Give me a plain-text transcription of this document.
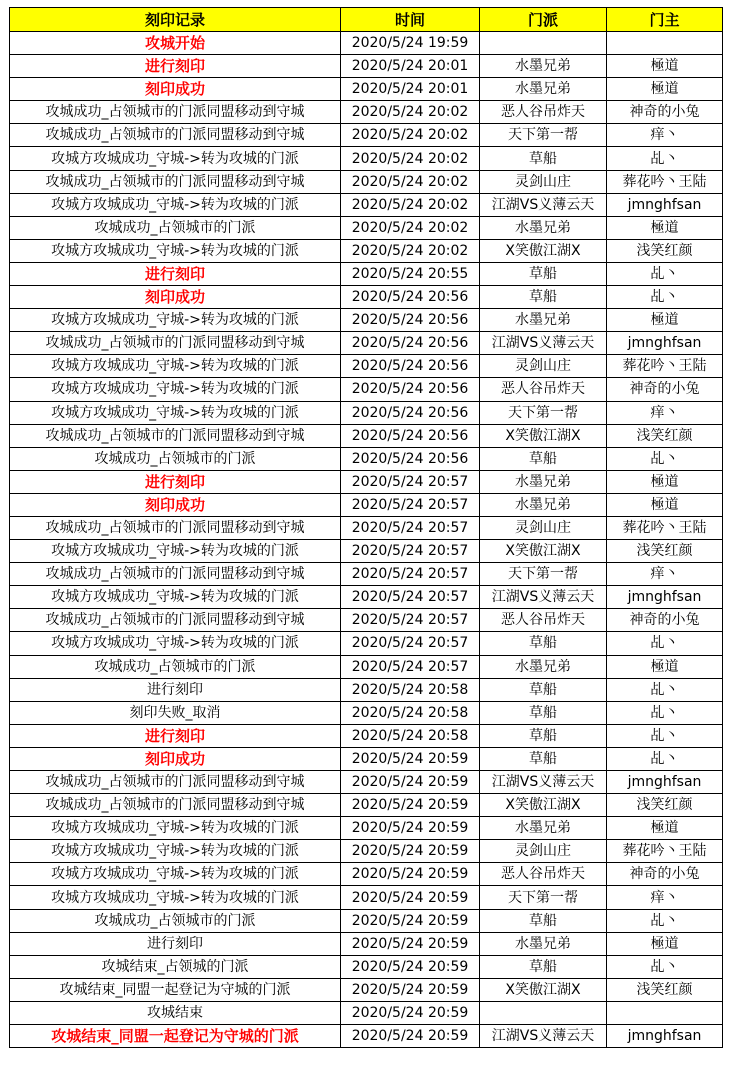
刻印记录	时间	门派	门主
攻城开始	2020/5/24 19:59		
进行刻印	2020/5/24 20:01	水墨兄弟	極道
刻印成功	2020/5/24 20:01	水墨兄弟	極道
攻城成功_占领城市的门派同盟移动到守城	2020/5/24 20:02	恶人谷吊炸天	神奇的小兔
攻城成功_占领城市的门派同盟移动到守城	2020/5/24 20:02	天下第一帮	痒丶
攻城方攻城成功_守城->转为攻城的门派	2020/5/24 20:02	草船	乩丶
攻城成功_占领城市的门派同盟移动到守城	2020/5/24 20:02	灵剑山庄	葬花吟丶王陆
攻城方攻城成功_守城->转为攻城的门派	2020/5/24 20:02	江湖VS义薄云天	jmnghfsan
攻城成功_占领城市的门派	2020/5/24 20:02	水墨兄弟	極道
攻城方攻城成功_守城->转为攻城的门派	2020/5/24 20:02	X笑傲江湖X	浅笑红颜
进行刻印	2020/5/24 20:55	草船	乩丶
刻印成功	2020/5/24 20:56	草船	乩丶
攻城方攻城成功_守城->转为攻城的门派	2020/5/24 20:56	水墨兄弟	極道
攻城成功_占领城市的门派同盟移动到守城	2020/5/24 20:56	江湖VS义薄云天	jmnghfsan
攻城方攻城成功_守城->转为攻城的门派	2020/5/24 20:56	灵剑山庄	葬花吟丶王陆
攻城方攻城成功_守城->转为攻城的门派	2020/5/24 20:56	恶人谷吊炸天	神奇的小兔
攻城方攻城成功_守城->转为攻城的门派	2020/5/24 20:56	天下第一帮	痒丶
攻城成功_占领城市的门派同盟移动到守城	2020/5/24 20:56	X笑傲江湖X	浅笑红颜
攻城成功_占领城市的门派	2020/5/24 20:56	草船	乩丶
进行刻印	2020/5/24 20:57	水墨兄弟	極道
刻印成功	2020/5/24 20:57	水墨兄弟	極道
攻城成功_占领城市的门派同盟移动到守城	2020/5/24 20:57	灵剑山庄	葬花吟丶王陆
攻城方攻城成功_守城->转为攻城的门派	2020/5/24 20:57	X笑傲江湖X	浅笑红颜
攻城成功_占领城市的门派同盟移动到守城	2020/5/24 20:57	天下第一帮	痒丶
攻城方攻城成功_守城->转为攻城的门派	2020/5/24 20:57	江湖VS义薄云天	jmnghfsan
攻城成功_占领城市的门派同盟移动到守城	2020/5/24 20:57	恶人谷吊炸天	神奇的小兔
攻城方攻城成功_守城->转为攻城的门派	2020/5/24 20:57	草船	乩丶
攻城成功_占领城市的门派	2020/5/24 20:57	水墨兄弟	極道
进行刻印	2020/5/24 20:58	草船	乩丶
刻印失败_取消	2020/5/24 20:58	草船	乩丶
进行刻印	2020/5/24 20:58	草船	乩丶
刻印成功	2020/5/24 20:59	草船	乩丶
攻城成功_占领城市的门派同盟移动到守城	2020/5/24 20:59	江湖VS义薄云天	jmnghfsan
攻城成功_占领城市的门派同盟移动到守城	2020/5/24 20:59	X笑傲江湖X	浅笑红颜
攻城方攻城成功_守城->转为攻城的门派	2020/5/24 20:59	水墨兄弟	極道
攻城方攻城成功_守城->转为攻城的门派	2020/5/24 20:59	灵剑山庄	葬花吟丶王陆
攻城方攻城成功_守城->转为攻城的门派	2020/5/24 20:59	恶人谷吊炸天	神奇的小兔
攻城方攻城成功_守城->转为攻城的门派	2020/5/24 20:59	天下第一帮	痒丶
攻城成功_占领城市的门派	2020/5/24 20:59	草船	乩丶
进行刻印	2020/5/24 20:59	水墨兄弟	極道
攻城结束_占领城的门派	2020/5/24 20:59	草船	乩丶
攻城结束_同盟一起登记为守城的门派	2020/5/24 20:59	X笑傲江湖X	浅笑红颜
攻城结束	2020/5/24 20:59		
攻城结束_同盟一起登记为守城的门派	2020/5/24 20:59	江湖VS义薄云天	jmnghfsan
